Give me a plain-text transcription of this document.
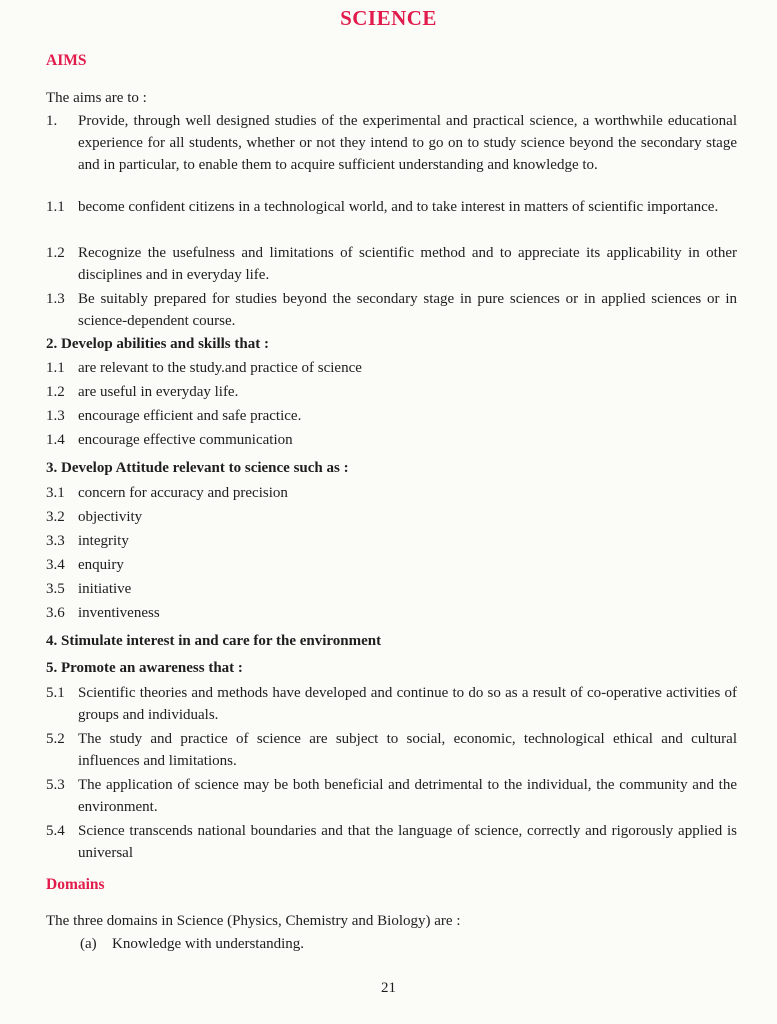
SCIENCE
AIMS
The aims are to :
1. Provide, through well designed studies of the experimental and practical science, a worthwhile educational experience for all students, whether or not they intend to go on to study science beyond the secondary stage and in particular, to enable them to acquire sufficient understanding and knowledge to.
1.1 become confident citizens in a technological world, and to take interest in matters of scientific importance.
1.2 Recognize the usefulness and limitations of scientific method and to appreciate its applicability in other disciplines and in everyday life.
1.3 Be suitably prepared for studies beyond the secondary stage in pure sciences or in applied sciences or in science-dependent course.
2. Develop abilities and skills that :
1.1 are relevant to the study.and practice of science
1.2 are useful in everyday life.
1.3 encourage efficient and safe practice.
1.4 encourage effective communication
3. Develop Attitude relevant to science such as :
3.1 concern for accuracy and precision
3.2 objectivity
3.3 integrity
3.4 enquiry
3.5 initiative
3.6 inventiveness
4. Stimulate interest in and care for the environment
5. Promote an awareness that :
5.1 Scientific theories and methods have developed and continue to do so as a result of co-operative activities of groups and individuals.
5.2 The study and practice of science are subject to social, economic, technological ethical and cultural influences and limitations.
5.3 The application of science may be both beneficial and detrimental to the individual, the community and the environment.
5.4 Science transcends national boundaries and that the language of science, correctly and rigorously applied is universal
Domains
The three domains in Science (Physics, Chemistry and Biology) are :
(a) Knowledge with understanding.
21
